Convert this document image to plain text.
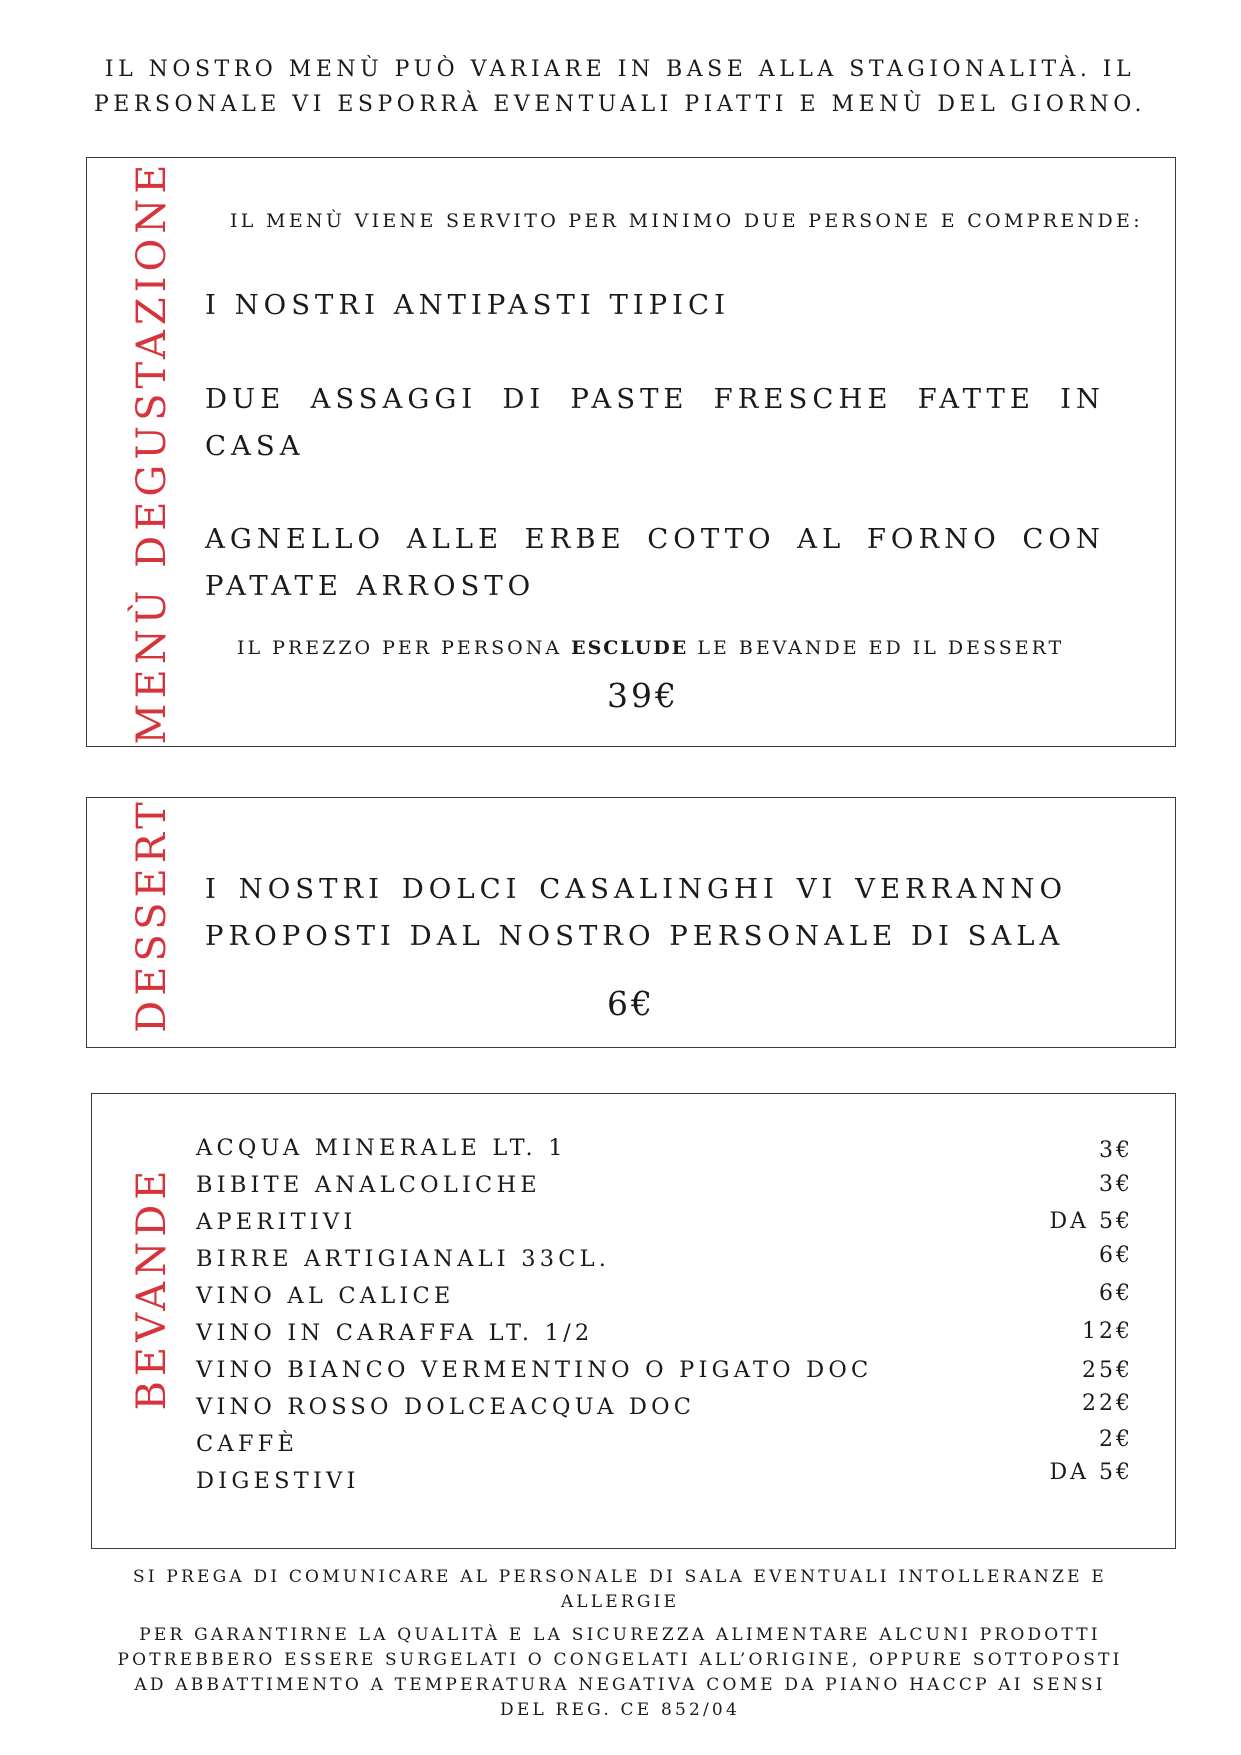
IL NOSTRO MENÙ PUÒ VARIARE IN BASE ALLA STAGIONALITÀ. IL PERSONALE VI ESPORRÀ EVENTUALI PIATTI E MENÙ DEL GIORNO.
MENÙ DEGUSTAZIONE	IL MENÙ VIENE SERVITO PER MINIMO DUE PERSONE E COMPRENDE:
I NOSTRI ANTIPASTI TIPICI
DUE ASSAGGI DI PASTE FRESCHE FATTE IN CASA
AGNELLO ALLE ERBE COTTO AL FORNO CON PATATE ARROSTO
IL PREZZO PER PERSONA ESCLUDE LE BEVANDE ED IL DESSERT
39€
DESSERT I NOSTRI DOLCI CASALINGHI VI VERRANNO PROPOSTI DAL NOSTRO PERSONALE DI SALA
6€
BEVANDE
ACQUA MINERALE LT. 1	3€
BIBITE ANALCOLICHE	3€
APERITIVI	DA 5€
BIRRE ARTIGIANALI 33CL.	6€
VINO AL CALICE	6€
VINO IN CARAFFA LT. 1/2	12€
VINO BIANCO VERMENTINO O PIGATO DOC	25€
VINO ROSSO DOLCEACQUA DOC	22€
CAFFÈ	2€
DIGESTIVI	DA 5€
SI PREGA DI COMUNICARE AL PERSONALE DI SALA EVENTUALI INTOLLERANZE E ALLERGIE
PER GARANTIRNE LA QUALITÀ E LA SICUREZZA ALIMENTARE ALCUNI PRODOTTI POTREBBERO ESSERE SURGELATI O CONGELATI ALL’ORIGINE, OPPURE SOTTOPOSTI AD ABBATTIMENTO A TEMPERATURA NEGATIVA COME DA PIANO HACCP AI SENSI DEL REG. CE 852/04
